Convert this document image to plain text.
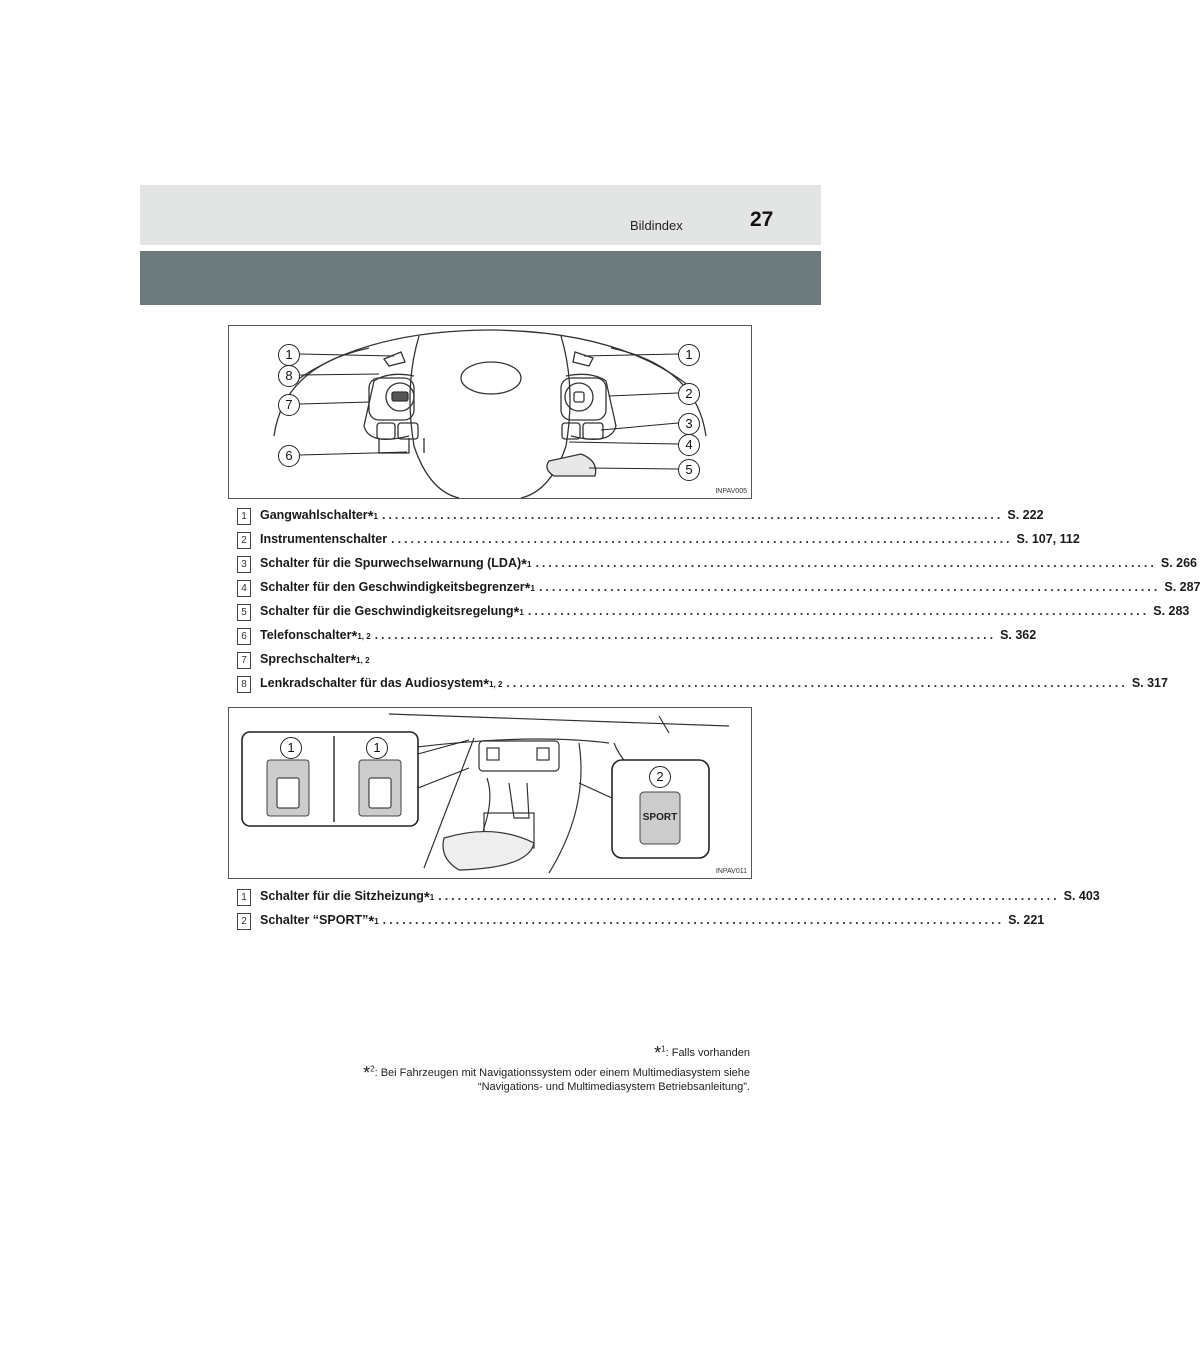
Bildindex	27
1
8
7
6
1
2
3
4
5
INPAV005
1	Gangwahlschalter *1 ................................................................................................ S. 222
2	Instrumentenschalter ................................................................................................ S. 107, 112
3	Schalter für die Spurwechselwarnung (LDA) *1 ................................................................................................ S. 266
4	Schalter für den Geschwindigkeitsbegrenzer *1 ................................................................................................ S. 287
5	Schalter für die Geschwindigkeitsregelung *1 ................................................................................................ S. 283
6	Telefonschalter *1, 2 ................................................................................................ S. 362
7	Sprechschalter *1, 2
8	Lenkradschalter für das Audiosystem *1, 2 ................................................................................................ S. 317
1	1
2
SPORT
INPAV011
1	Schalter für die Sitzheizung *1 ................................................................................................ S. 403
2	Schalter “SPORT” *1 ................................................................................................ S. 221
*$^1$: Falls vorhanden
*$^2$: Bei Fahrzeugen mit Navigationssystem oder einem Multimediasystem siehe
“Navigations- und Multimediasystem Betriebsanleitung”.
